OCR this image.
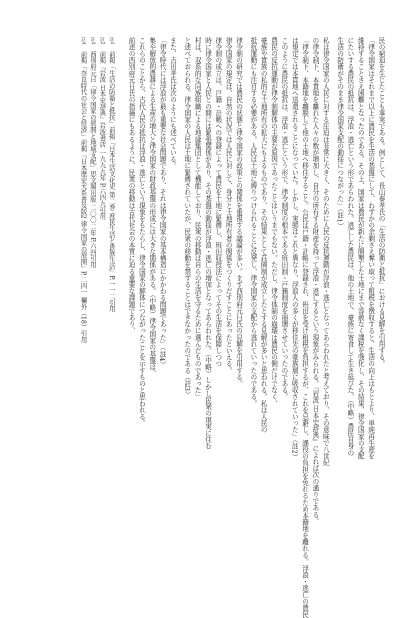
民の窮迫を生じたことも事実である。例として、長山泰孝氏の「生活の防衛と抵抗」における見解を引用する。
「律令国家はそれまで以上に農民を生活の基盤にして、わずかの余剰さえ奪い取って租税を徴収すると、生活の向上はもとより、単純再生産を
維持することさえ困難となったのである。その上、国家は農民が新たに開墾した土地にまで容赦なく課税を強化し、その結果、律令国家の支配
にたいする農民の抵抗は、浮浪・逃亡という形であらわれた。逃亡した農民は、他の土地で、豪族に寄食して生き延びた。（中略）農民自身の
生活の防衛がそのまま律令国家支配の動揺につながった」（註1）
私は律令国家の人民に対する圧迫は非常に大きく、そのために人民の反抗運動が浮浪・逃亡となってあらわれたと考えており、その意味で八世紀
の律令制下、本貫地を離れた人々の数が増加し、自分の所有する財産を持って浮浪・逃亡するという現象がみられる。『岩波 日本史辞典』によれば次の通りである。
「律令制下、本籍地を離脱して他の土地へ移住すること。公民は戸籍・計帳に登録され、班田を受け租税を負担するが、これを忌避し、課役の負担を免れるため本籍地を離れる。浮浪・逃亡の農民
は規定では本貫地へ送還されることになっていた。しかし、実態はこれと異なり、浮浪人の多くが移住先の豪族層に吸収されていった」（註2）
このように農民の抵抗は、浮浪・逃亡という形で、律令制度の根本である班田制・戸籍制度を崩壊させていったのである。
農民の反抗運動が律令制解体の主要な原因であったことはいうまでもない。ただし、律令体制の崩壊は農民の側だけでなく、
豪族や貴族の私的な土地所有の拡大にもよるものであり、その結果として荘園制が成立したとする見解が多いと思われる。私は人民の
抵抗運動にも注目する必要がある。人民は土地に縛りつけられることに反発し、律令国家の支配から逃れていったのである。
律令制の研究では農民の状態と律令国家の政策との関係を重視する議論が多い。まず西別府元日氏の見解を引用する。
律令国家の規定は、自然の状況では人民に対して、身分と土地所有者の関係をつくりだすことにあったといえる。
律令制の成立は、戸籍・計帳への登録によって農民を土地に緊縛し、班田収授法によってその生活を保障しつつ
時に律令国家と人民との間には緊張関係があり、その基盤の動揺が浮浪・逃亡の増加となってあらわれた。（中略）しかし民衆の現実に住む
村は、双系的な同族組織による地縁集団として機能しており、民衆の移動は自らの生活を守るために選んだものであった」
と述べておられる。律令国家の人民は土地に緊縛されていたが、民衆の移動を禁ずることはできなかったのである（註3）
また、吉田孝氏は次のようにも述べている。
「律令時代には浮浪が最も重要な社会問題であり、それは律令国家の基本構造にかかわる問題であった」（註4）
集や解放的農耕による生産の増大と律令国家の財政基盤の形成には大きな関係がある。（中略）律令国家の基盤は、
これらのことから、古代人民の抵抗は浮浪・逃亡という現象をもたらし、律令国家の解体につながったことを示すものと思われる。
前述の西別府元日氏の指摘にもあるように、民衆の移動は古代社会の本質に迫る重要な課題であり、
註1　前掲「生活の防衛と抵抗」前掲『日本生活文化史 第二巻 庶民生活と貴族生活』P.一一二引用
註2　前掲『岩波 日本史辞典』岩波書店 一九九九年 P.六四九引用
註3　西別府元日「律令国家の展開と地域支配」思文閣出版 二〇〇二年 P.六四引用
註4　前掲「奈良時代の社会と経済」前掲『日本歴史大系普及版2 律令国家の展開』P.二四一 欄外（18）引用
